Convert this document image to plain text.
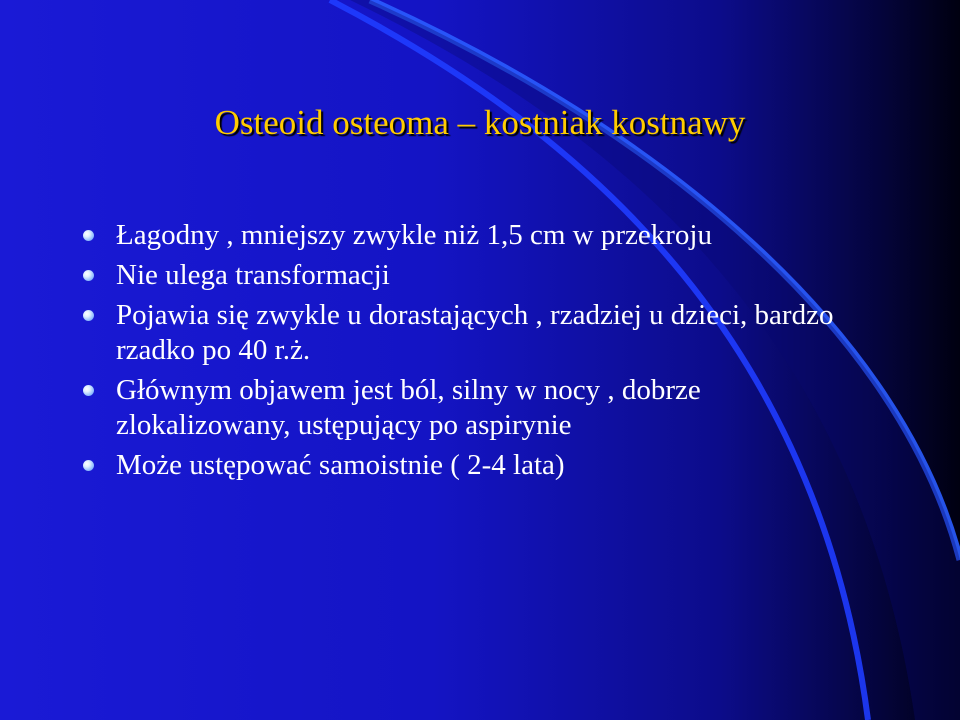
Osteoid osteoma – kostniak kostnawy
Łagodny , mniejszy zwykle niż 1,5 cm w przekroju
Nie ulega transformacji
Pojawia się zwykle u dorastających , rzadziej u dzieci, bardzo rzadko po 40 r.ż.
Głównym objawem jest ból, silny w nocy , dobrze zlokalizowany, ustępujący po aspirynie
Może ustępować samoistnie ( 2-4 lata)
